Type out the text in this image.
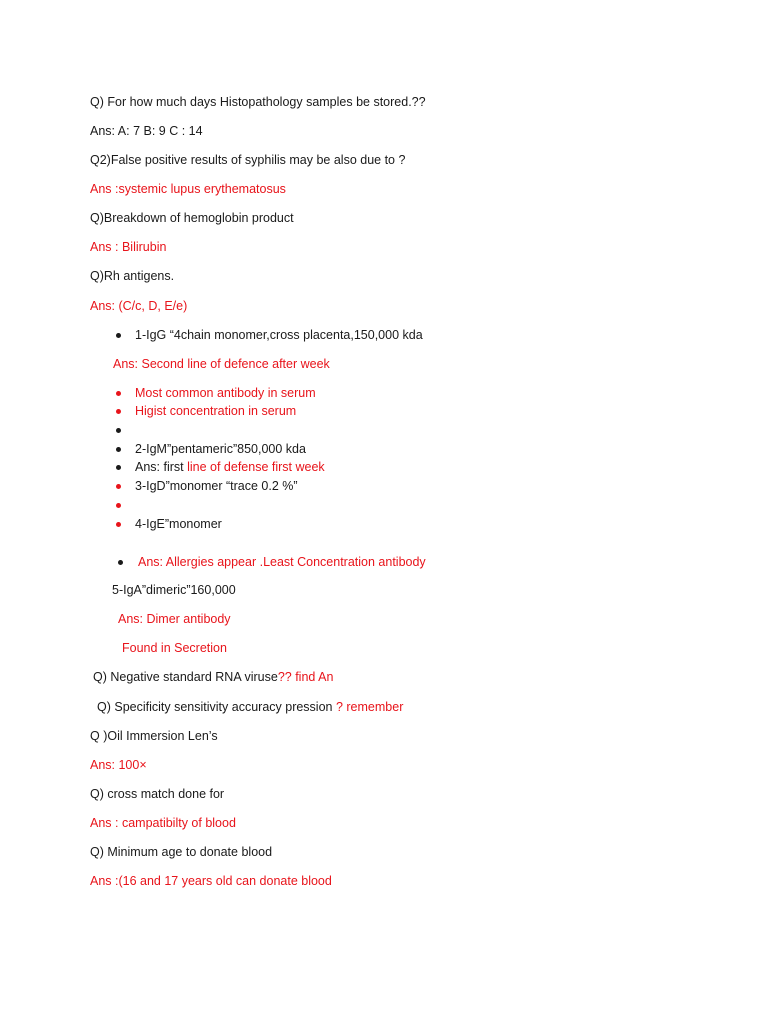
Q) For how much days Histopathology samples be stored.??
Ans: A: 7 B: 9 C : 14
Q2)False positive results of syphilis may be also due to ?
Ans :systemic lupus erythematosus
Q)Breakdown of hemoglobin product
Ans : Bilirubin
Q)Rh antigens.
Ans: (C/c, D, E/e)
1-IgG “4chain monomer,cross placenta,150,000 kda
Ans: Second line of defence after week
Most common antibody in serum
Higist concentration in serum
2-IgM”pentameric”850,000 kda
Ans: first line of defense first week
3-IgD”monomer “trace 0.2 %”
4-IgE”monomer
Ans: Allergies appear .Least Concentration antibody
5-IgA”dimeric”160,000
Ans: Dimer antibody
Found in Secretion
Q) Negative standard RNA viruse?? find An
Q) Specificity sensitivity accuracy pression ? remember
Q )Oil Immersion Len’s
Ans: 100×
Q) cross match done for
Ans : campatibilty of blood
Q) Minimum age to donate blood
Ans :(16 and 17 years old can donate blood
